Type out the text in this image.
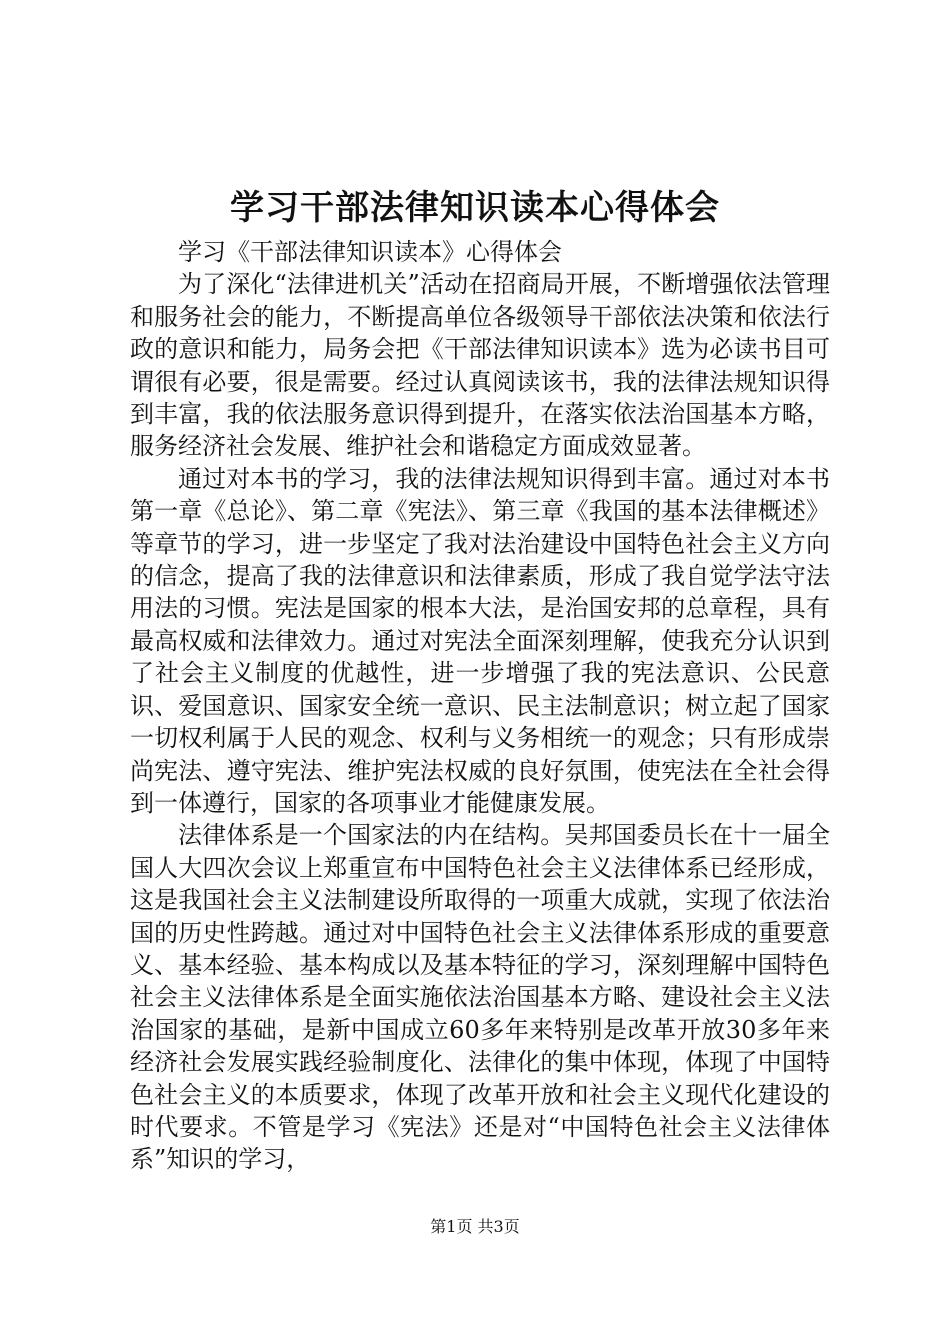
学习干部法律知识读本心得体会

学习《干部法律知识读本》心得体会

为了深化“法律进机关”活动在招商局开展，不断增强依法管理和服务社会的能力，不断提高单位各级领导干部依法决策和依法行政的意识和能力，局务会把《干部法律知识读本》选为必读书目可谓很有必要，很是需要。经过认真阅读该书，我的法律法规知识得到丰富，我的依法服务意识得到提升，在落实依法治国基本方略，服务经济社会发展、维护社会和谐稳定方面成效显著。

通过对本书的学习，我的法律法规知识得到丰富。通过对本书第一章《总论》、第二章《宪法》、第三章《我国的基本法律概述》等章节的学习，进一步坚定了我对法治建设中国特色社会主义方向的信念，提高了我的法律意识和法律素质，形成了我自觉学法守法用法的习惯。宪法是国家的根本大法，是治国安邦的总章程，具有最高权威和法律效力。通过对宪法全面深刻理解，使我充分认识到了社会主义制度的优越性，进一步增强了我的宪法意识、公民意识、爱国意识、国家安全统一意识、民主法制意识；树立起了国家一切权利属于人民的观念、权利与义务相统一的观念；只有形成崇尚宪法、遵守宪法、维护宪法权威的良好氛围，使宪法在全社会得到一体遵行，国家的各项事业才能健康发展。

法律体系是一个国家法的内在结构。吴邦国委员长在十一届全国人大四次会议上郑重宣布中国特色社会主义法律体系已经形成，这是我国社会主义法制建设所取得的一项重大成就，实现了依法治国的历史性跨越。通过对中国特色社会主义法律体系形成的重要意义、基本经验、基本构成以及基本特征的学习，深刻理解中国特色社会主义法律体系是全面实施依法治国基本方略、建设社会主义法治国家的基础，是新中国成立60多年来特别是改革开放30多年来经济社会发展实践经验制度化、法律化的集中体现，体现了中国特色社会主义的本质要求，体现了改革开放和社会主义现代化建设的时代要求。不管是学习《宪法》还是对“中国特色社会主义法律体系”知识的学习，

第1页 共3页
